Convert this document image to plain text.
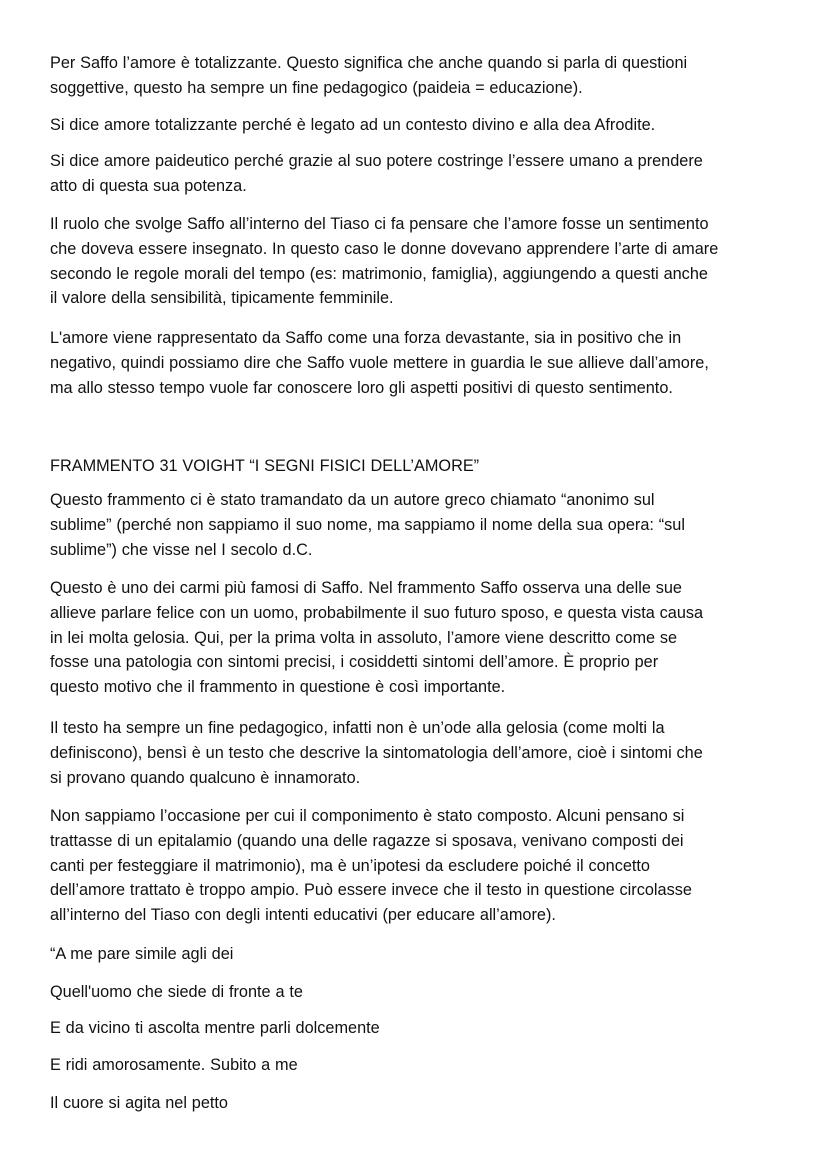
Per Saffo l’amore è totalizzante. Questo significa che anche quando si parla di questioni
soggettive, questo ha sempre un fine pedagogico (paideia = educazione).

Si dice amore totalizzante perché è legato ad un contesto divino e alla dea Afrodite.

Si dice amore paideutico perché grazie al suo potere costringe l’essere umano a prendere
atto di questa sua potenza.

Il ruolo che svolge Saffo all’interno del Tiaso ci fa pensare che l’amore fosse un sentimento
che doveva essere insegnato. In questo caso le donne dovevano apprendere l’arte di amare
secondo le regole morali del tempo (es: matrimonio, famiglia), aggiungendo a questi anche
il valore della sensibilità, tipicamente femminile.

L'amore viene rappresentato da Saffo come una forza devastante, sia in positivo che in
negativo, quindi possiamo dire che Saffo vuole mettere in guardia le sue allieve dall’amore,
ma allo stesso tempo vuole far conoscere loro gli aspetti positivi di questo sentimento.

FRAMMENTO 31 VOIGHT “I SEGNI FISICI DELL’AMORE”

Questo frammento ci è stato tramandato da un autore greco chiamato “anonimo sul
sublime” (perché non sappiamo il suo nome, ma sappiamo il nome della sua opera: “sul
sublime”) che visse nel I secolo d.C.

Questo è uno dei carmi più famosi di Saffo. Nel frammento Saffo osserva una delle sue
allieve parlare felice con un uomo, probabilmente il suo futuro sposo, e questa vista causa
in lei molta gelosia. Qui, per la prima volta in assoluto, l’amore viene descritto come se
fosse una patologia con sintomi precisi, i cosiddetti sintomi dell’amore. È proprio per
questo motivo che il frammento in questione è così importante.

Il testo ha sempre un fine pedagogico, infatti non è un’ode alla gelosia (come molti la
definiscono), bensì è un testo che descrive la sintomatologia dell’amore, cioè i sintomi che
si provano quando qualcuno è innamorato.

Non sappiamo l’occasione per cui il componimento è stato composto. Alcuni pensano si
trattasse di un epitalamio (quando una delle ragazze si sposava, venivano composti dei
canti per festeggiare il matrimonio), ma è un’ipotesi da escludere poiché il concetto
dell’amore trattato è troppo ampio. Può essere invece che il testo in questione circolasse
all’interno del Tiaso con degli intenti educativi (per educare all’amore).

“A me pare simile agli dei

Quell'uomo che siede di fronte a te

E da vicino ti ascolta mentre parli dolcemente

E ridi amorosamente. Subito a me

Il cuore si agita nel petto
